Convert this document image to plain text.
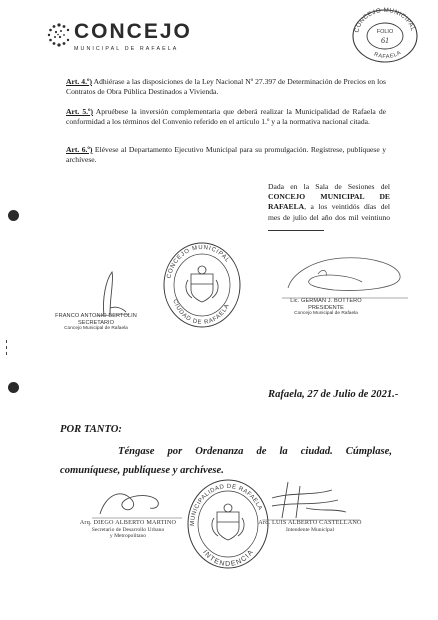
CONCEJO
MUNICIPAL DE RAFAELA
CONCEJO MUNICIPAL
RAFAELA
FOLIO
61
Art. 4.º) Adhiérase a las disposiciones de la Ley Nacional Nº 27.397 de Determinación de Precios en los Contratos de Obra Pública Destinados a Vivienda.
Art. 5.º) Apruébese la inversión complementaria que deberá realizar la Municipalidad de Rafaela de conformidad a los términos del Convenio referido en el artículo 1.º y a la normativa nacional citada.
Art. 6.º) Elévese al Departamento Ejecutivo Municipal para su promulgación. Regístrese, publíquese y archívese.
Dada en la Sala de Sesiones del CONCEJO MUNICIPAL DE RAFAELA, a los veintidós días del mes de julio del año dos mil veintiuno
FRANCO ANTONIO BERTOLIN
SECRETARIO
Concejo Municipal de Rafaela
CONCEJO MUNICIPAL
CIUDAD DE RAFAELA
Lic. GERMAN J. BOTTERO
PRESIDENTE
Concejo Municipal de Rafaela
Rafaela, 27 de Julio de 2021.-
POR TANTO:
Téngase por Ordenanza de la ciudad. Cúmplase, comuníquese, publíquese y archívese.
Arq. DIEGO ALBERTO MARTINO
Secretario de Desarrollo Urbano
y Metropolitano
MUNICIPALIDAD DE RAFAELA
INTENDENCIA
Arq. LUIS ALBERTO CASTELLANO
Intendente Municipal
